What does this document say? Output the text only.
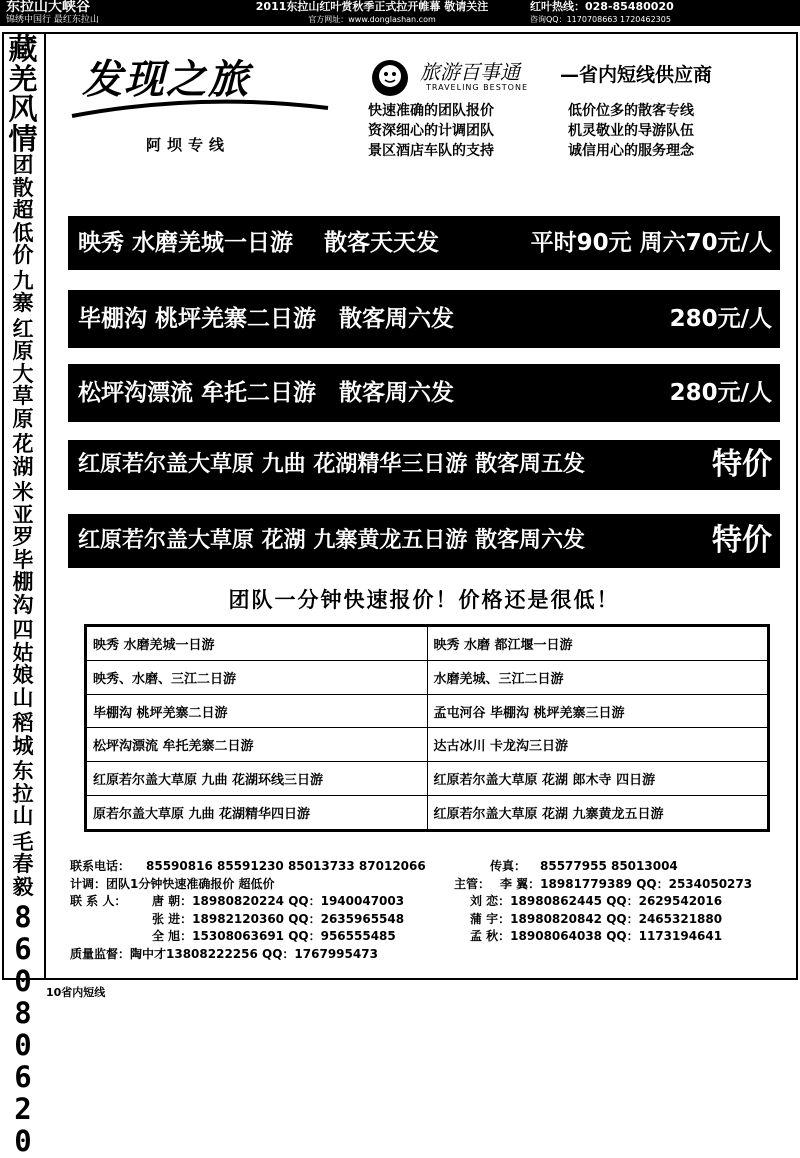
东拉山大峡谷
锦绣中国行 最红东拉山
2011东拉山红叶赏秋季正式拉开帷幕 敬请关注
官方网址：www.donglashan.com
红叶热线：028-85480020
咨询QQ：1170708663 1720462305
藏
羌
风
情
团
散
超
低
价
九
寨
红
原
大
草
原
花
湖
米
亚
罗
毕
棚
沟
四
姑
娘
山
稻
城
东
拉
山
毛
春
毅
8
6
0
8
0
6
2
0
发现之旅
阿坝专线
旅游百事通
TRAVELING BESTONE
—省内短线供应商
快速准确的团队报价	低价位多的散客专线
资深细心的计调团队	机灵敬业的导游队伍
景区酒店车队的支持	诚信用心的服务理念
映秀 水磨羌城一日游　 散客天天发	平时90元 周六70元/人
毕棚沟 桃坪羌寨二日游　 散客周六发	280元/人
松坪沟漂流 牟托二日游　 散客周六发	280元/人
红原若尔盖大草原 九曲 花湖精华三日游 散客周五发	特价
红原若尔盖大草原 花湖 九寨黄龙五日游 散客周六发	特价
团队一分钟快速报价！价格还是很低！
映秀 水磨羌城一日游	映秀 水磨 都江堰一日游
映秀、水磨、三江二日游	水磨羌城、三江二日游
毕棚沟 桃坪羌寨二日游	孟屯河谷 毕棚沟 桃坪羌寨三日游
松坪沟漂流 牟托羌寨二日游	达古冰川 卡龙沟三日游
红原若尔盖大草原 九曲 花湖环线三日游	红原若尔盖大草原 花湖 郎木寺 四日游
原若尔盖大草原 九曲 花湖精华四日游	红原若尔盖大草原 花湖 九寨黄龙五日游
联系电话： 85590816 85591230 85013733 87012066	传真： 85577955 85013004
计调：团队1分钟快速准确报价 超低价	主管： 李 翼：18981779389 QQ：2534050273
联 系 人： 唐 朝：18980820224 QQ：1940047003	刘 恋：18980862445 QQ：2629542016
张 进：18982120360 QQ：2635965548	蒲 宇：18980820842 QQ：2465321880
全 旭：15308063691 QQ：956555485	孟 秋：18908064038 QQ：1173194641
质量监督：陶中才13808222256 QQ：1767995473
10省内短线
